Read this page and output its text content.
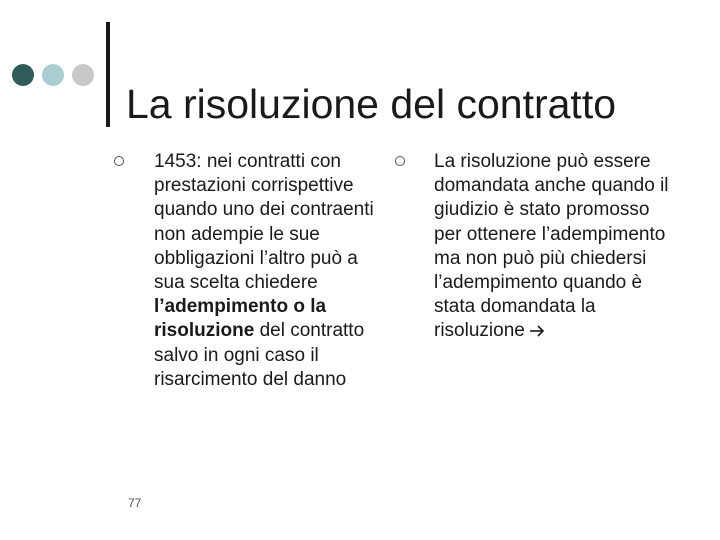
La risoluzione del contratto
1453: nei contratti con prestazioni corrispettive quando uno dei contraenti non adempie le sue obbligazioni l’altro può a sua scelta chiedere l’adempimento o la risoluzione del contratto salvo in ogni caso il risarcimento del danno
La risoluzione può essere domandata anche quando il giudizio è stato promosso per ottenere l’adempimento ma non può più chiedersi l’adempimento quando è stata domandata la risoluzione
77
